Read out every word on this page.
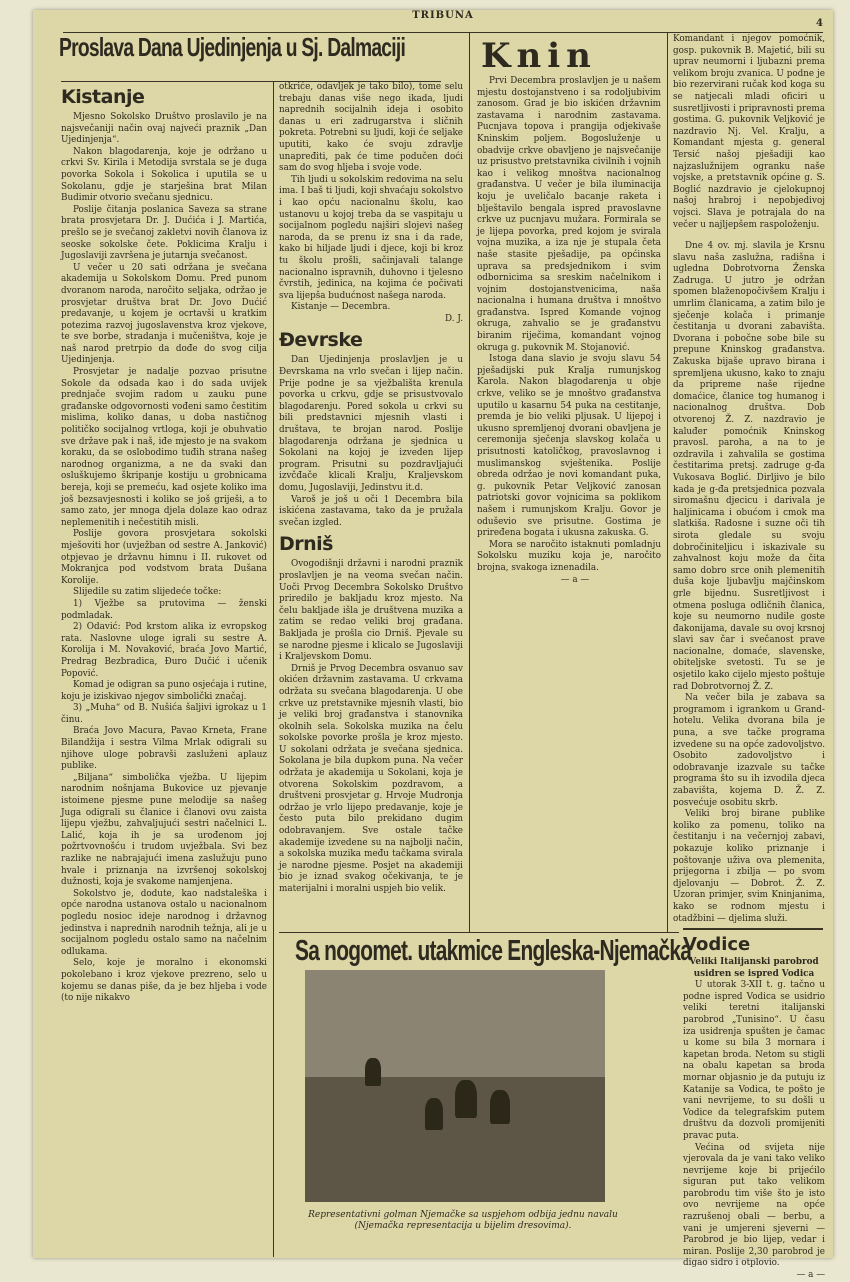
TRIBUNA
4
Proslava Dana Ujedinjenja u Sj. Dalmaciji
Kistanje

Mjesno Sokolsko Društvo proslavilo je na najsvečaniji način ovaj najveći praznik „Dan Ujedinjenja“.

Nakon blagodarenja, koje je održano u crkvi Sv. Kirila i Metodija svrstala se je duga povorka Sokola i Sokolica i uputila se u Sokolanu, gdje je starješina brat Milan Budimir otvorio svečanu sjednicu.

Poslije čitanja poslanica Saveza sa strane brata prosvjetara Dr. J. Dućića i J. Martića, prešlo se je svečanoj zakletvi novih članova iz seoske sokolske čete. Poklicima Kralju i Jugoslaviji završena je jutarnja svečanost.

U večer u 20 sati održana je svečana akademija u Sokolskom Domu. Pred punom dvoranom naroda, naročito seljaka, održao je prosvjetar društva brat Dr. Jovo Dućić predavanje, u kojem je ocrtavši u kratkim potezima razvoj jugoslavenstva kroz vjekove, te sve borbe, stradanja i mučeništva, koje je naš narod pretrpio da dođe do svog cilja Ujedinjenja.

Prosvjetar je nadalje pozvao prisutne Sokole da odsada kao i do sada uvijek prednjače svojim radom u zauku pune građanske odgovornosti vođeni samo čestitim mislima, koliko danas, u doba nastičnog političko socijalnog vrtloga, koji je obuhvatio sve države pak i naš, iđe mjesto je na svakom koraku, da se oslobodimo tuđih strana našeg narodnog organizma, a ne da svaki dan osluškujemo škripanje kostiju u grobnicama bereja, koji se premeću, kad osjete koliko ima još bezsavjesnosti i koliko se još griješi, a to samo zato, jer mnoga djela dolaze kao odraz neplemenitih i nečestitih misli.

Poslije govora prosvjetara sokolski mješoviti hor (uvježban od sestre A. Janković) otpjevao je državnu himnu i II. rukovet od Mokranjca pod vodstvom brata Dušana Korolije.

Slijedile su zatim slijedeće točke:

1) Vježbe sa prutovima — ženski podmladak.

2) Odavić: Pod krstom alika iz evropskog rata. Naslovne uloge igrali su sestre A. Korolija i M. Novaković, braća Jovo Martić, Predrag Bezbradica, Đuro Dučić i učenik Popović.

Komad je odigran sa puno osjećaja i rutine, koju je iziskivao njegov simbolički značaj.

3) „Muha“ od B. Nušića šaljivi igrokaz u 1 činu.

Braća Jovo Macura, Pavao Krneta, Frane Bilandžija i sestra Vilma Mrlak odigrali su njihove uloge pobravši zasluženi aplauz publike.

„Biljana“ simbolička vježba. U lijepim narodnim nošnjama Bukovice uz pjevanje istoimene pjesme pune melodije sa našeg Juga odigrali su članice i članovi ovu zaista lijepu vježbu, zahvaljujući sestri načelnici L. Lalić, koja ih je sa urođenom joj požrtvovnošću i trudom uvježbala. Svi bez razlike ne nabrajajući imena zaslužuju puno hvale i priznanja na izvršenoj sokolskoj dužnosti, koja je svakome namjenjena.

Sokolstvo je, dodute, kao nadstaleška i opće narodna ustanova ostalo u nacionalnom pogledu nosioc ideje narodnog i državnog jedinstva i naprednih narodnih težnja, ali je u socijalnom pogledu ostalo samo na načelnim odlukama.

Selo, koje je moralno i ekonomski pokolebano i kroz vjekove prezreno, selo u kojemu se danas piše, da je bez hljeba i vode (to nije nikakvo

otkriće, odavljek je tako bilo), tome selu trebaju danas više nego ikada, ljudi naprednih socijalnih ideja i osobito danas u eri zadrugarstva i sličnih pokreta. Potrebni su ljudi, koji će seljake uputiti, kako će svoju zdravlje unapređiti, pak će time podučen doći sam do svog hljeba i svoje vode.

Tih ljudi u sokolskim redovima na selu ima. I baš ti ljudi, koji shvaćaju sokolstvo i kao opću nacionalnu školu, kao ustanovu u kojoj treba da se vaspitaju u socijalnom pogledu najširi slojevi našeg naroda, da se prenu iz sna i da rade, kako bi hiljade ljudi i djece, koji bi kroz tu školu prošli, sačinjavali talange nacionalno ispravnih, duhovno i tjelesno čvrstih, jedinica, na kojima će počivati sva lijepša budućnost našega naroda.

Kistanje — Decembra.

D. J.

Đevrske

Dan Ujedinjenja proslavljen je u Đevrskama na vrlo svečan i lijep način. Prije podne je sa vježbališta krenula povorka u crkvu, gdje se prisustvovalo blagodarenju. Pored sokola u crkvi su bili predstavnici mjesnih vlasti i društava, te brojan narod. Poslije blagodarenja održana je sjednica u Sokolani na kojoj je izveden lijep program. Prisutni su pozdravljajući izvčđače klicali Kralju, Kraljevskom domu, Jugoslaviji, Jedinstvu it.d.

Varoš je još u oči 1 Decembra bila iskićena zastavama, tako da je pružala svečan izgled.

Drniš

Ovogodišnji državni i narodni praznik proslavljen je na veoma svečan način. Uoči Prvog Decembra Sokolsko Društvo priredilo je bakljadu kroz mjesto. Na čelu bakljade išla je društvena muzika a zatim se redao veliki broj građana. Bakljada je prošla cio Drniš. Pjevale su se narodne pjesme i klicalo se Jugoslaviji i Kraljevskom Domu.

Drniš je Prvog Decembra osvanuo sav okićen državnim zastavama. U crkvama održata su svečana blagodarenja. U obe crkve uz pretstavnike mjesnih vlasti, bio je veliki broj građanstva i stanovnika okolnih sela. Sokolska muzika na čelu sokolske povorke prošla je kroz mjesto. U sokolani održata je svečana sjednica. Sokolana je bila dupkom puna. Na večer održata je akademija u Sokolani, koja je otvorena Sokolskim pozdravom, a društveni prosvjetar g. Hrvoje Mudronja održao je vrlo lijepo predavanje, koje je često puta bilo prekidano dugim odobravanjem. Sve ostale tačke akademije izvedene su na najbolji način, a sokolska muzika među tačkama svirala je narodne pjesme. Posjet na akademiji bio je iznad svakog očekivanja, te je materijalni i moralni uspjeh bio velik.

Knin

Prvi Decembra proslavljen je u našem mjestu dostojanstveno i sa rodoljubivim zanosom. Grad je bio iskićen državnim zastavama i narodnim zastavama. Pucnjava topova i prangija odjekivaše Kninskim poljem. Bogosluženje u obadvije crkve obavljeno je najsvečanije uz prisustvo pretstavnika civilnih i vojnih kao i velikog mnoštva nacionalnog građanstva. U večer je bila iluminacija koju je uveličalo bacanje raketa i blještavilo bengala ispred pravoslavne crkve uz pucnjavu mužara. Formirala se je lijepa povorka, pred kojom je svirala vojna muzika, a iza nje je stupala četa naše stasite pješadije, pa općinska uprava sa predsjednikom i svim odbornicima sa sreskim načelnikom i vojnim dostojanstvenicima, naša nacionalna i humana društva i mnoštvo građanstva. Ispred Komande vojnog okruga, zahvalio se je građanstvu biranim riječima, komandant vojnog okruga g. pukovnik M. Stojanović.

Istoga dana slavio je svoju slavu 54 pješadijski puk Kralja rumunjskog Karola. Nakon blagodarenja u obje crkve, veliko se je mnoštvo građanstva uputilo u kasarnu 54 puka na cestitanje, premda je bio veliki pljusak. U lijepoj i ukusno spremljenoj dvorani obavljena je ceremonija sječenja slavskog kolača u prisutnosti katoličkog, pravoslavnog i muslimanskog svještenika. Poslije obreda održao je novi komandant puka, g. pukovnik Petar Veljković zanosan patriotski govor vojnicima sa poklikom našem i rumunjskom Kralju. Govor je oduševio sve prisutne. Gostima je priređena bogata i ukusna zakuska. G.

Mora se naročito istaknuti pomladnju Sokolsku muziku koja je, naročito brojna, svakoga iznenadila.

— a —

Komandant i njegov pomoćnik, gosp. pukovnik B. Majetić, bili su uprav neumorni i ljubazni prema velikom broju zvanica. U podne je bio rezervirani ručak kod koga su se natjecali mladi oficiri u susretljivosti i pripravnosti prema gostima. G. pukovnik Veljković je nazdravio Nj. Vel. Kralju, a Komandant mjesta g. general Tersić našoj pješadiji kao najzaslužnijem ogranku naše vojske, a pretstavnik općine g. S. Boglić nazdravio je cjelokupnoj našoj hrabroj i nepobjedivoj vojsci. Slava je potrajala do na večer u najljepšem raspoloženju.

Dne 4 ov. mj. slavila je Krsnu slavu naša zaslužna, radišna i ugledna Dobrotvorna Ženska Zadruga. U jutro je održan spomen blaženopočivšem Kralju i umrlim članicama, a zatim bilo je sječenje kolača i primanje čestitanja u dvorani zabavišta. Dvorana i pobočne sobe bile su prepune Kninskog građanstva. Zakuska bijaše upravo birana i spremljena ukusno, kako to znaju da pripreme naše rijedne domaćice, članice tog humanog i nacionalnog društva. Dob otvorenoj Ž. Z. nazdravio je kaluđer pomoćnik Kninskog pravosl. paroha, a na to je ozdravila i zahvalila se gostima čestitarima pretsj. zadruge g-đa Vukosava Boglić. Dirljivo je bilo kada je g-đa pretsjednica pozvala siromašnu djecicu i darivala je haljinicama i obućom i cmok ma slatkiša. Radosne i suzne oči tih sirota gledale su svoju dobročiniteljicu i iskazivale su zahvalnost koju može da čita samo dobro srce onih plemenitih duša koje ljubavlju majčinskom grle bijednu. Susretljivost i otmena posluga odličnih članica, koje su neumorno nudile goste đakonijama, davale su ovoj krsnoj slavi sav čar i svečanost prave nacionalne, domaće, slavenske, obiteljske svetosti. Tu se je osjetilo kako cijelo mjesto poštuje rad Dobrotvornoj Ž. Z.

Na večer bila je zabava sa programom i igrankom u Grand-hotelu. Velika dvorana bila je puna, a sve tačke programa izvedene su na opće zadovoljstvo. Osobito zadovoljstvo i odobravanje izazvale su tačke programa što su ih izvodila djeca zabavišta, kojema D. Ž. Z. posvećuje osobitu skrb.

Veliki broj birane publike koliko za pomenu, toliko na čestitanju i na večernjoj zabavi, pokazuje koliko priznanje i poštovanje uživa ova plemenita, prijegorna i zbilja — po svom djelovanju — Dobrot. Ž. Z. Uzoran primjer, svim Kninjanima, kako se rodnom mjestu i otadžbini — djelima služi.

Sa nogomet. utakmice Engleska-Njemačka
Representativni golman Njemačke sa uspjehom odbija jednu navalu
(Njemačka representacija u bijelim dresovima).
Vodice

Veliki Italijanski parobrod usidren se ispred Vodica

U utorak 3-XII t. g. tačno u podne ispred Vodica se usidrio veliki teretni italijanski parobrod „Tunisino“. U času iza usidrenja spušten je čamac u kome su bila 3 mornara i kapetan broda. Netom su stigli na obalu kapetan sa broda mornar objasnio je da putuju iz Katanije sa Vodica, te pošto je vani nevrijeme, to su došli u Vodice da telegrafskim putem društvu da dozvoli promijeniti pravac puta.

Većina od svijeta nije vjerovala da je vani tako veliko nevrijeme koje bi prijećilo siguran put tako velikom parobrodu tim više što je isto ovo nevrijeme na opće razrušenoj obali — berbu, a vani je umjereni sjeverni — Parobrod je bio lijep, vedar i miran. Poslije 2,30 parobrod je digao sidro i otplovio.

— a —
